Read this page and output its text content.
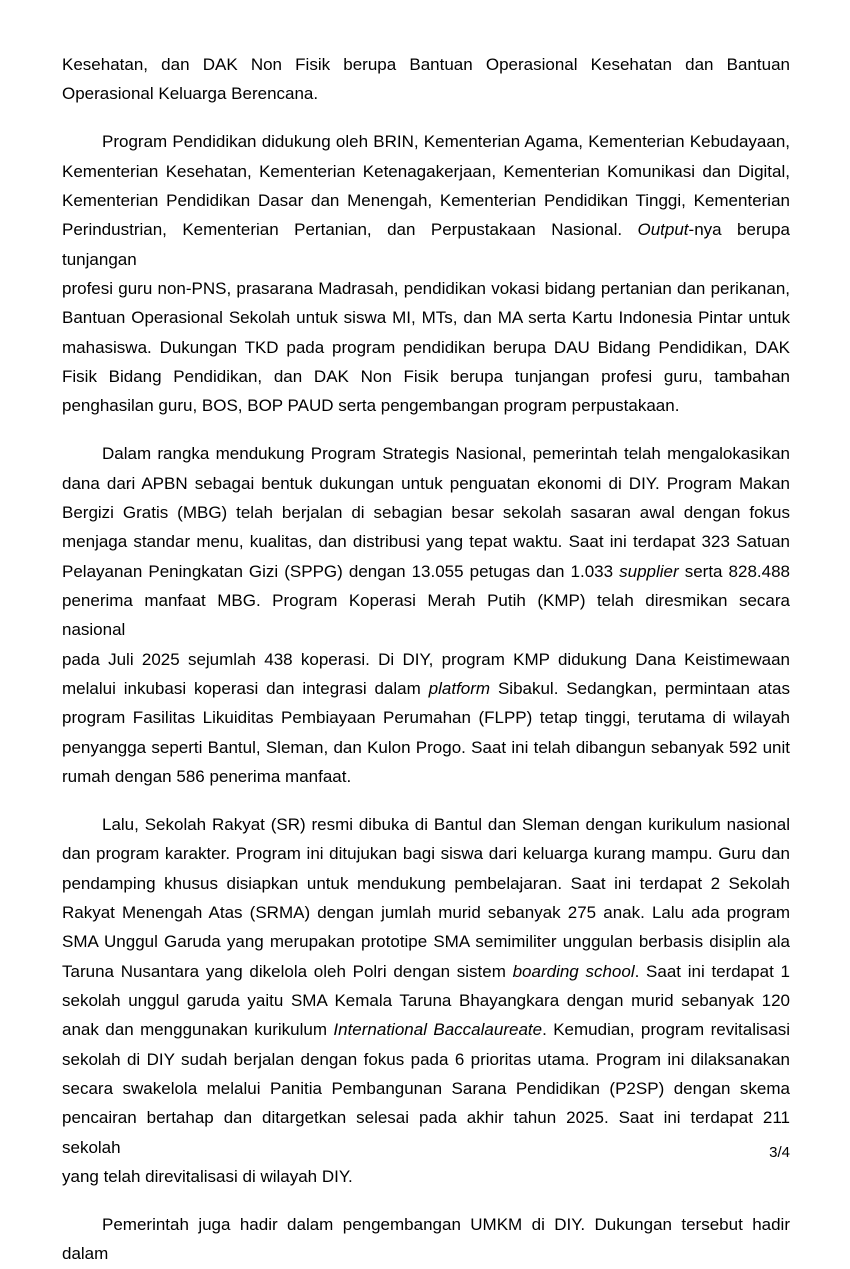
Kesehatan, dan DAK Non Fisik berupa Bantuan Operasional Kesehatan dan Bantuan
Operasional Keluarga Berencana.
Program Pendidikan didukung oleh BRIN, Kementerian Agama, Kementerian Kebudayaan,
Kementerian Kesehatan, Kementerian Ketenagakerjaan, Kementerian Komunikasi dan Digital,
Kementerian Pendidikan Dasar dan Menengah, Kementerian Pendidikan Tinggi, Kementerian
Perindustrian, Kementerian Pertanian, dan Perpustakaan Nasional. Output-nya berupa tunjangan
profesi guru non-PNS, prasarana Madrasah, pendidikan vokasi bidang pertanian dan perikanan,
Bantuan Operasional Sekolah untuk siswa MI, MTs, dan MA serta Kartu Indonesia Pintar untuk
mahasiswa. Dukungan TKD pada program pendidikan berupa DAU Bidang Pendidikan, DAK
Fisik Bidang Pendidikan, dan DAK Non Fisik berupa tunjangan profesi guru, tambahan
penghasilan guru, BOS, BOP PAUD serta pengembangan program perpustakaan.
Dalam rangka mendukung Program Strategis Nasional, pemerintah telah mengalokasikan
dana dari APBN sebagai bentuk dukungan untuk penguatan ekonomi di DIY. Program Makan
Bergizi Gratis (MBG) telah berjalan di sebagian besar sekolah sasaran awal dengan fokus
menjaga standar menu, kualitas, dan distribusi yang tepat waktu. Saat ini terdapat 323 Satuan
Pelayanan Peningkatan Gizi (SPPG) dengan 13.055 petugas dan 1.033 supplier serta 828.488
penerima manfaat MBG. Program Koperasi Merah Putih (KMP) telah diresmikan secara nasional
pada Juli 2025 sejumlah 438 koperasi. Di DIY, program KMP didukung Dana Keistimewaan
melalui inkubasi koperasi dan integrasi dalam platform Sibakul. Sedangkan, permintaan atas
program Fasilitas Likuiditas Pembiayaan Perumahan (FLPP) tetap tinggi, terutama di wilayah
penyangga seperti Bantul, Sleman, dan Kulon Progo. Saat ini telah dibangun sebanyak 592 unit
rumah dengan 586 penerima manfaat.
Lalu, Sekolah Rakyat (SR) resmi dibuka di Bantul dan Sleman dengan kurikulum nasional
dan program karakter. Program ini ditujukan bagi siswa dari keluarga kurang mampu. Guru dan
pendamping khusus disiapkan untuk mendukung pembelajaran. Saat ini terdapat 2 Sekolah
Rakyat Menengah Atas (SRMA) dengan jumlah murid sebanyak 275 anak. Lalu ada program
SMA Unggul Garuda yang merupakan prototipe SMA semimiliter unggulan berbasis disiplin ala
Taruna Nusantara yang dikelola oleh Polri dengan sistem boarding school. Saat ini terdapat 1
sekolah unggul garuda yaitu SMA Kemala Taruna Bhayangkara dengan murid sebanyak 120
anak dan menggunakan kurikulum International Baccalaureate. Kemudian, program revitalisasi
sekolah di DIY sudah berjalan dengan fokus pada 6 prioritas utama. Program ini dilaksanakan
secara swakelola melalui Panitia Pembangunan Sarana Pendidikan (P2SP) dengan skema
pencairan bertahap dan ditargetkan selesai pada akhir tahun 2025. Saat ini terdapat 211 sekolah
yang telah direvitalisasi di wilayah DIY.
Pemerintah juga hadir dalam pengembangan UMKM di DIY. Dukungan tersebut hadir dalam
3/4
